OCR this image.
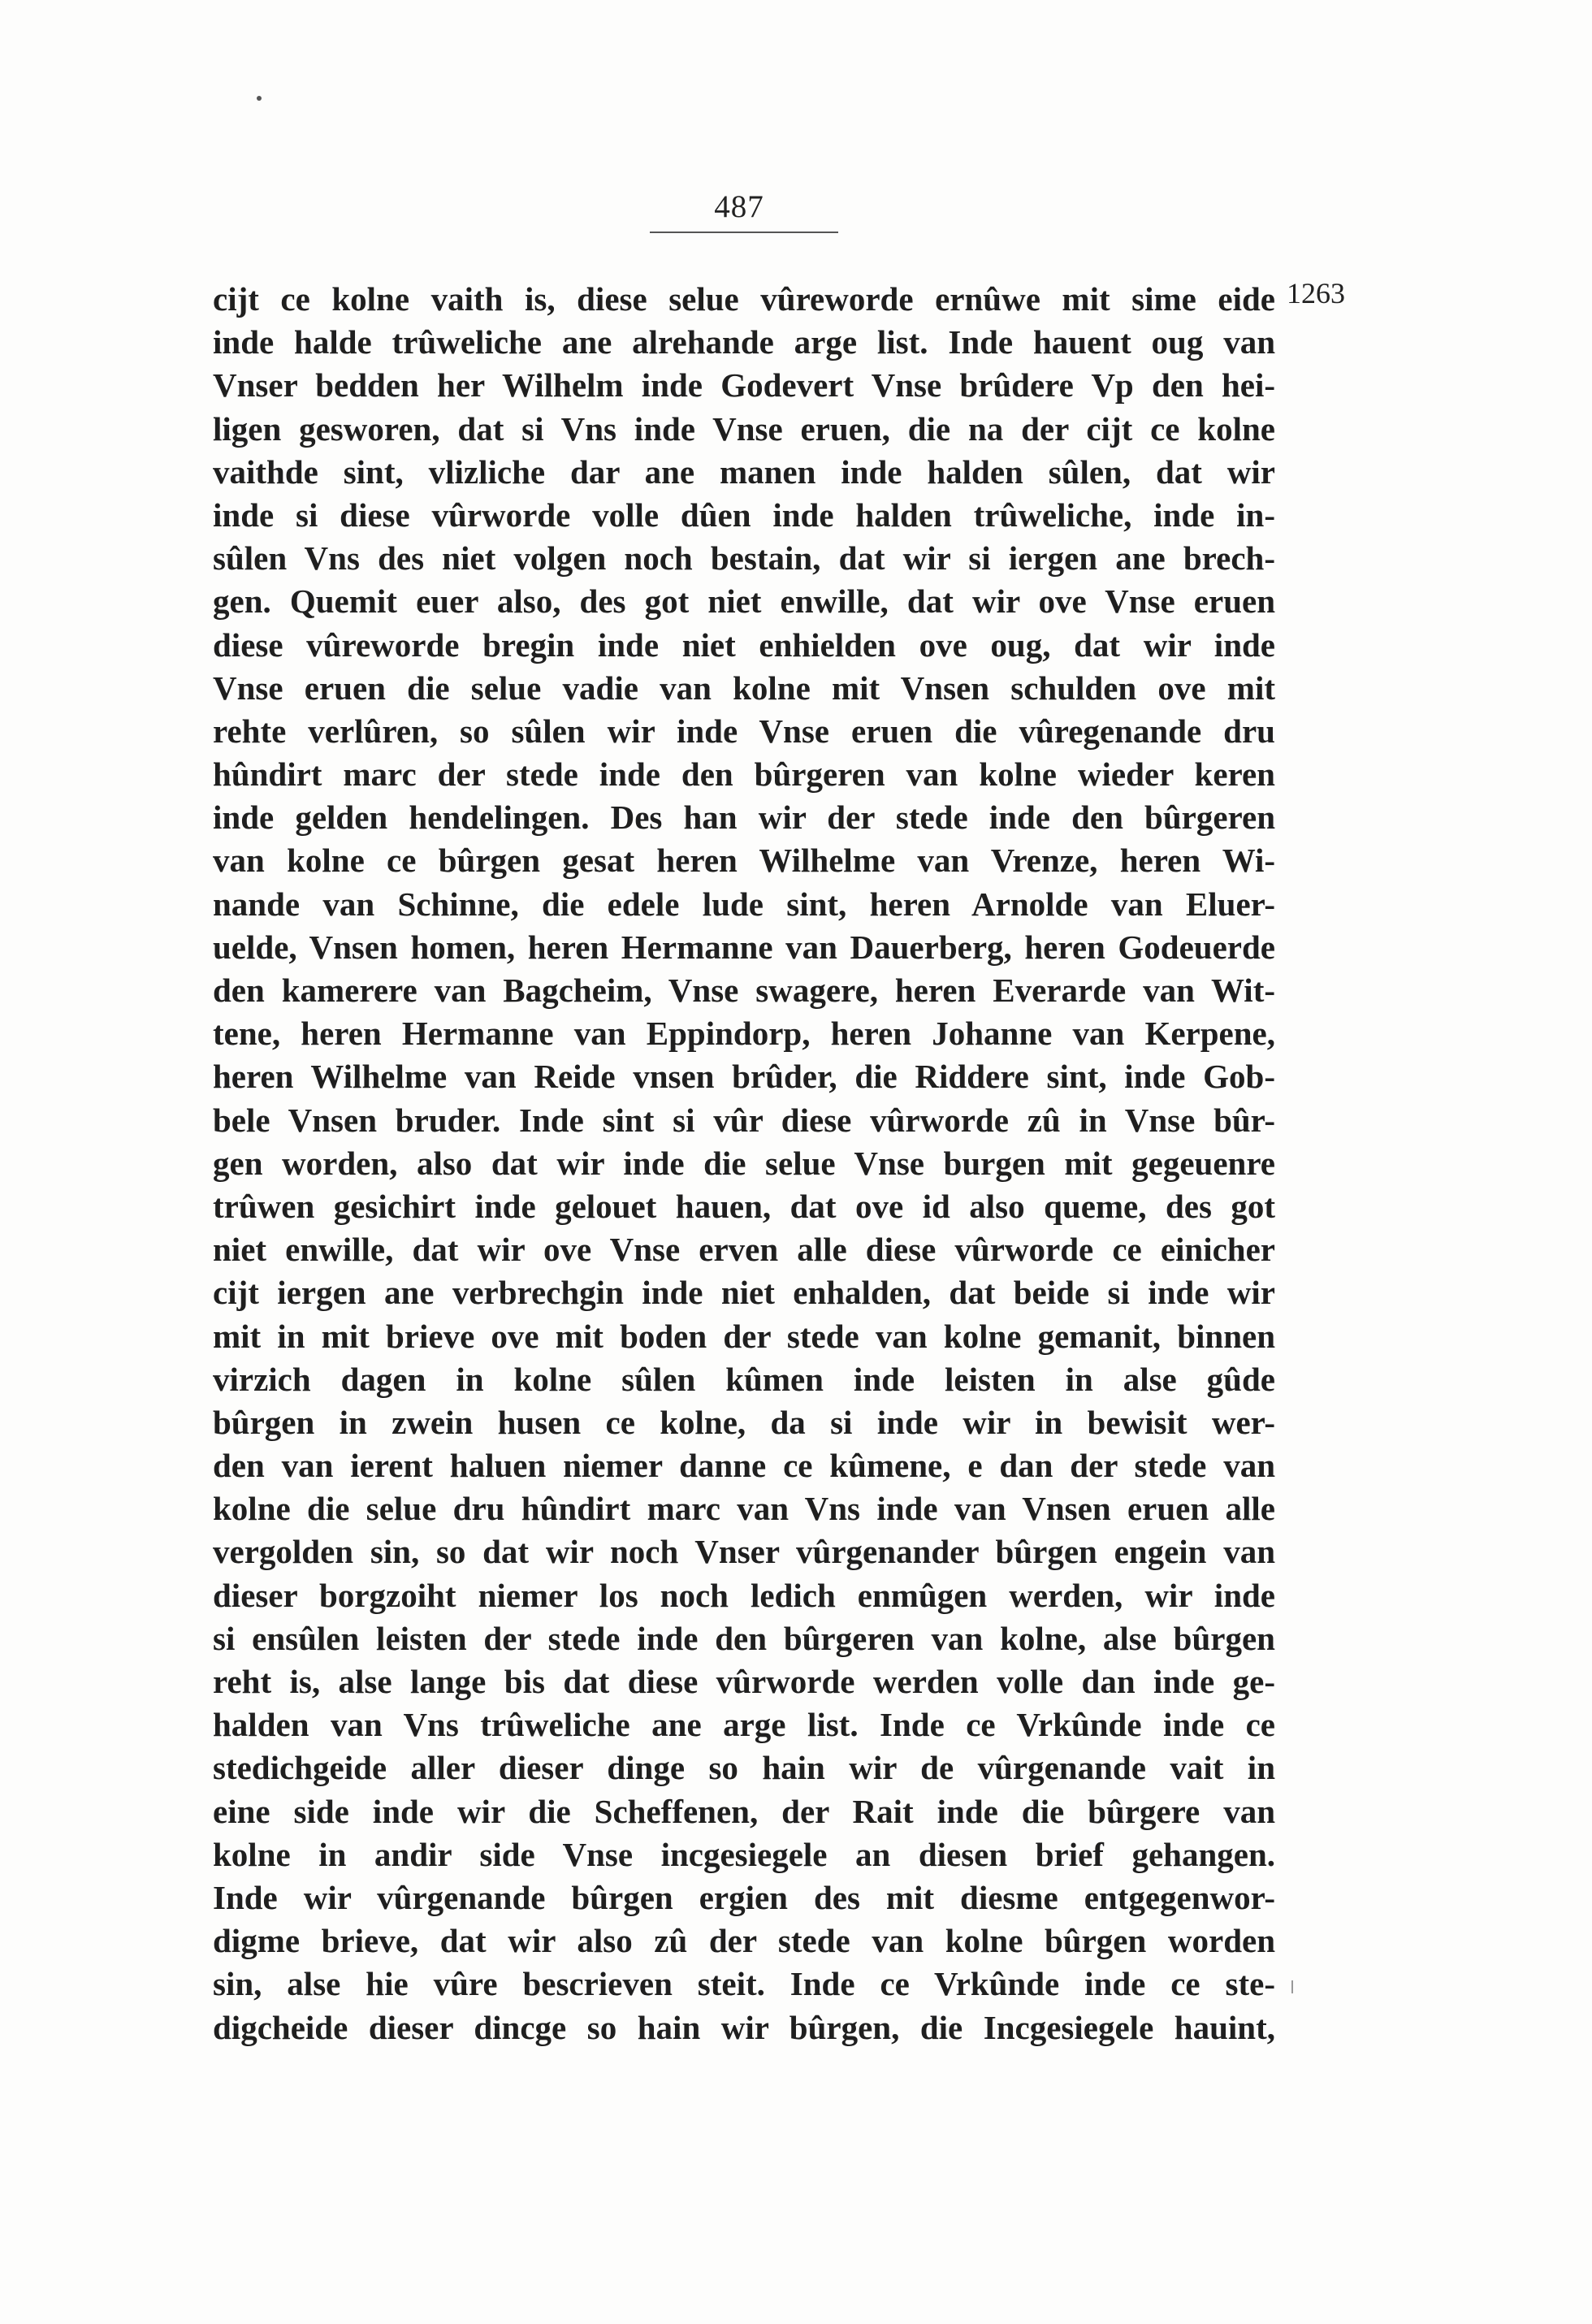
487
1263
cijt ce kolne vaith is, diese selue vûreworde ernûwe mit sime eide
inde halde trûweliche ane alrehande arge list. Inde hauent oug van
Vnser bedden her Wilhelm inde Godevert Vnse brûdere Vp den hei-
ligen gesworen, dat si Vns inde Vnse eruen, die na der cijt ce kolne
vaithde sint, vlizliche dar ane manen inde halden sûlen, dat wir
inde si diese vûrworde volle dûen inde halden trûweliche, inde in-
sûlen Vns des niet volgen noch bestain, dat wir si iergen ane brech-
gen. Quemit euer also, des got niet enwille, dat wir ove Vnse eruen
diese vûreworde bregin inde niet enhielden ove oug, dat wir inde
Vnse eruen die selue vadie van kolne mit Vnsen schulden ove mit
rehte verlûren, so sûlen wir inde Vnse eruen die vûregenande dru
hûndirt marc der stede inde den bûrgeren van kolne wieder keren
inde gelden hendelingen. Des han wir der stede inde den bûrgeren
van kolne ce bûrgen gesat heren Wilhelme van Vrenze, heren Wi-
nande van Schinne, die edele lude sint, heren Arnolde van Eluer-
uelde, Vnsen homen, heren Hermanne van Dauerberg, heren Godeuerde
den kamerere van Bagcheim, Vnse swagere, heren Everarde van Wit-
tene, heren Hermanne van Eppindorp, heren Johanne van Kerpene,
heren Wilhelme van Reide vnsen brûder, die Riddere sint, inde Gob-
bele Vnsen bruder. Inde sint si vûr diese vûrworde zû in Vnse bûr-
gen worden, also dat wir inde die selue Vnse burgen mit gegeuenre
trûwen gesichirt inde gelouet hauen, dat ove id also queme, des got
niet enwille, dat wir ove Vnse erven alle diese vûrworde ce einicher
cijt iergen ane verbrechgin inde niet enhalden, dat beide si inde wir
mit in mit brieve ove mit boden der stede van kolne gemanit, binnen
virzich dagen in kolne sûlen kûmen inde leisten in alse gûde
bûrgen in zwein husen ce kolne, da si inde wir in bewisit wer-
den van ierent haluen niemer danne ce kûmene, e dan der stede van
kolne die selue dru hûndirt marc van Vns inde van Vnsen eruen alle
vergolden sin, so dat wir noch Vnser vûrgenander bûrgen engein van
dieser borgzoiht niemer los noch ledich enmûgen werden, wir inde
si ensûlen leisten der stede inde den bûrgeren van kolne, alse bûrgen
reht is, alse lange bis dat diese vûrworde werden volle dan inde ge-
halden van Vns trûweliche ane arge list. Inde ce Vrkûnde inde ce
stedichgeide aller dieser dinge so hain wir de vûrgenande vait in
eine side inde wir die Scheffenen, der Rait inde die bûrgere van
kolne in andir side Vnse incgesiegele an diesen brief gehangen.
Inde wir vûrgenande bûrgen ergien des mit diesme entgegenwor-
digme brieve, dat wir also zû der stede van kolne bûrgen worden
sin, alse hie vûre bescrieven steit. Inde ce Vrkûnde inde ce ste-
digcheide dieser dincge so hain wir bûrgen, die Incgesiegele hauint,
